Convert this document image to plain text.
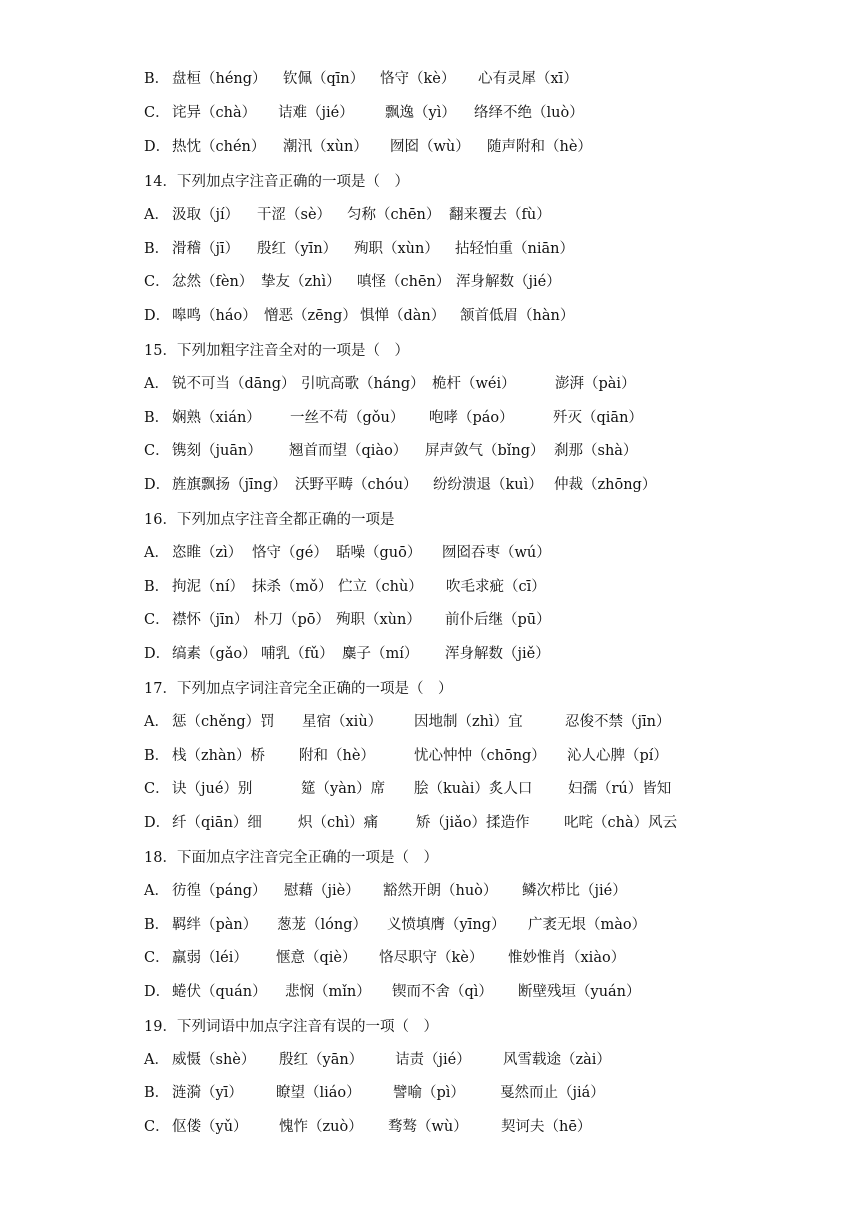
B． 盘桓（héng） 钦佩（qīn） 恪守（kè） 心有灵犀（xī）
C． 诧异（chà） 诘难（jié） 飘逸（yì） 络绎不绝（luò）
D． 热忱（chén） 潮汛（xùn） 囫囵（wù） 随声附和（hè）
14．下列加点字注音正确的一项是（　）
A． 汲取（jí） 干涩（sè） 匀称（chēn） 翻来覆去（fù）
B． 滑稽（jī） 殷红（yīn） 殉职（xùn） 拈轻怕重（niān）
C． 忿然（fèn） 挚友（zhì） 嗔怪（chēn） 浑身解数（jié）
D． 嗥鸣（háo） 憎恶（zēng） 惧惮（dàn） 颔首低眉（hàn）
15．下列加粗字注音全对的一项是（　）
A． 锐不可当（dāng） 引吭高歌（háng） 桅杆（wéi）	澎湃（pài）
B． 娴熟（xián） 一丝不苟（gǒu） 咆哮（páo）	歼灭（qiān）
C． 镌刻（juān） 翘首而望（qiào） 屏声敛气（bǐng） 刹那（shà）
D． 旌旗飘扬（jīng） 沃野平畴（chóu） 纷纷溃退（kuì） 仲裁（zhōng）
16．下列加点字注音全都正确的一项是
A． 恣睢（zì） 恪守（gé） 聒噪（guō） 囫囵吞枣（wú）
B． 拘泥（ní） 抹杀（mǒ） 伫立（chù） 吹毛求疵（cī）
C． 襟怀（jīn） 朴刀（pō） 殉职（xùn） 前仆后继（pū）
D． 缟素（gǎo） 哺乳（fǔ） 麋子（mí） 浑身解数（jiě）
17．下列加点字词注音完全正确的一项是（　）
A． 惩（chěng）罚 星宿（xiù） 因地制（zhì）宜	忍俊不禁（jīn）
B． 栈（zhàn）桥 附和（hè）	忧心忡忡（chōng） 沁人心脾（pí）
C． 诀（jué）别	筵（yàn）席 脍（kuài）炙人口 妇孺（rú）皆知
D． 纤（qiān）细 炽（chì）痛	矫（jiǎo）揉造作 叱咤（chà）风云
18．下面加点字注音完全正确的一项是（　）
A． 彷徨（páng） 慰藉（jiè） 豁然开朗（huò） 鳞次栉比（jié）
B． 羁绊（pàn） 葱茏（lóng） 义愤填膺（yīng） 广袤无垠（mào）
C． 羸弱（léi） 惬意（qiè） 恪尽职守（kè） 惟妙惟肖（xiào）
D． 蜷伏（quán） 悲悯（mǐn） 锲而不舍（qì） 断壁残垣（yuán）
19．下列词语中加点字注音有误的一项（　）
A． 威慑（shè） 殷红（yān） 诘责（jié） 风雪载途（zài）
B． 涟漪（yī） 瞭望（liáo） 譬喻（pì） 戛然而止（jiá）
C． 伛偻（yǔ） 愧怍（zuò） 骛骜（wù） 契诃夫（hē）
